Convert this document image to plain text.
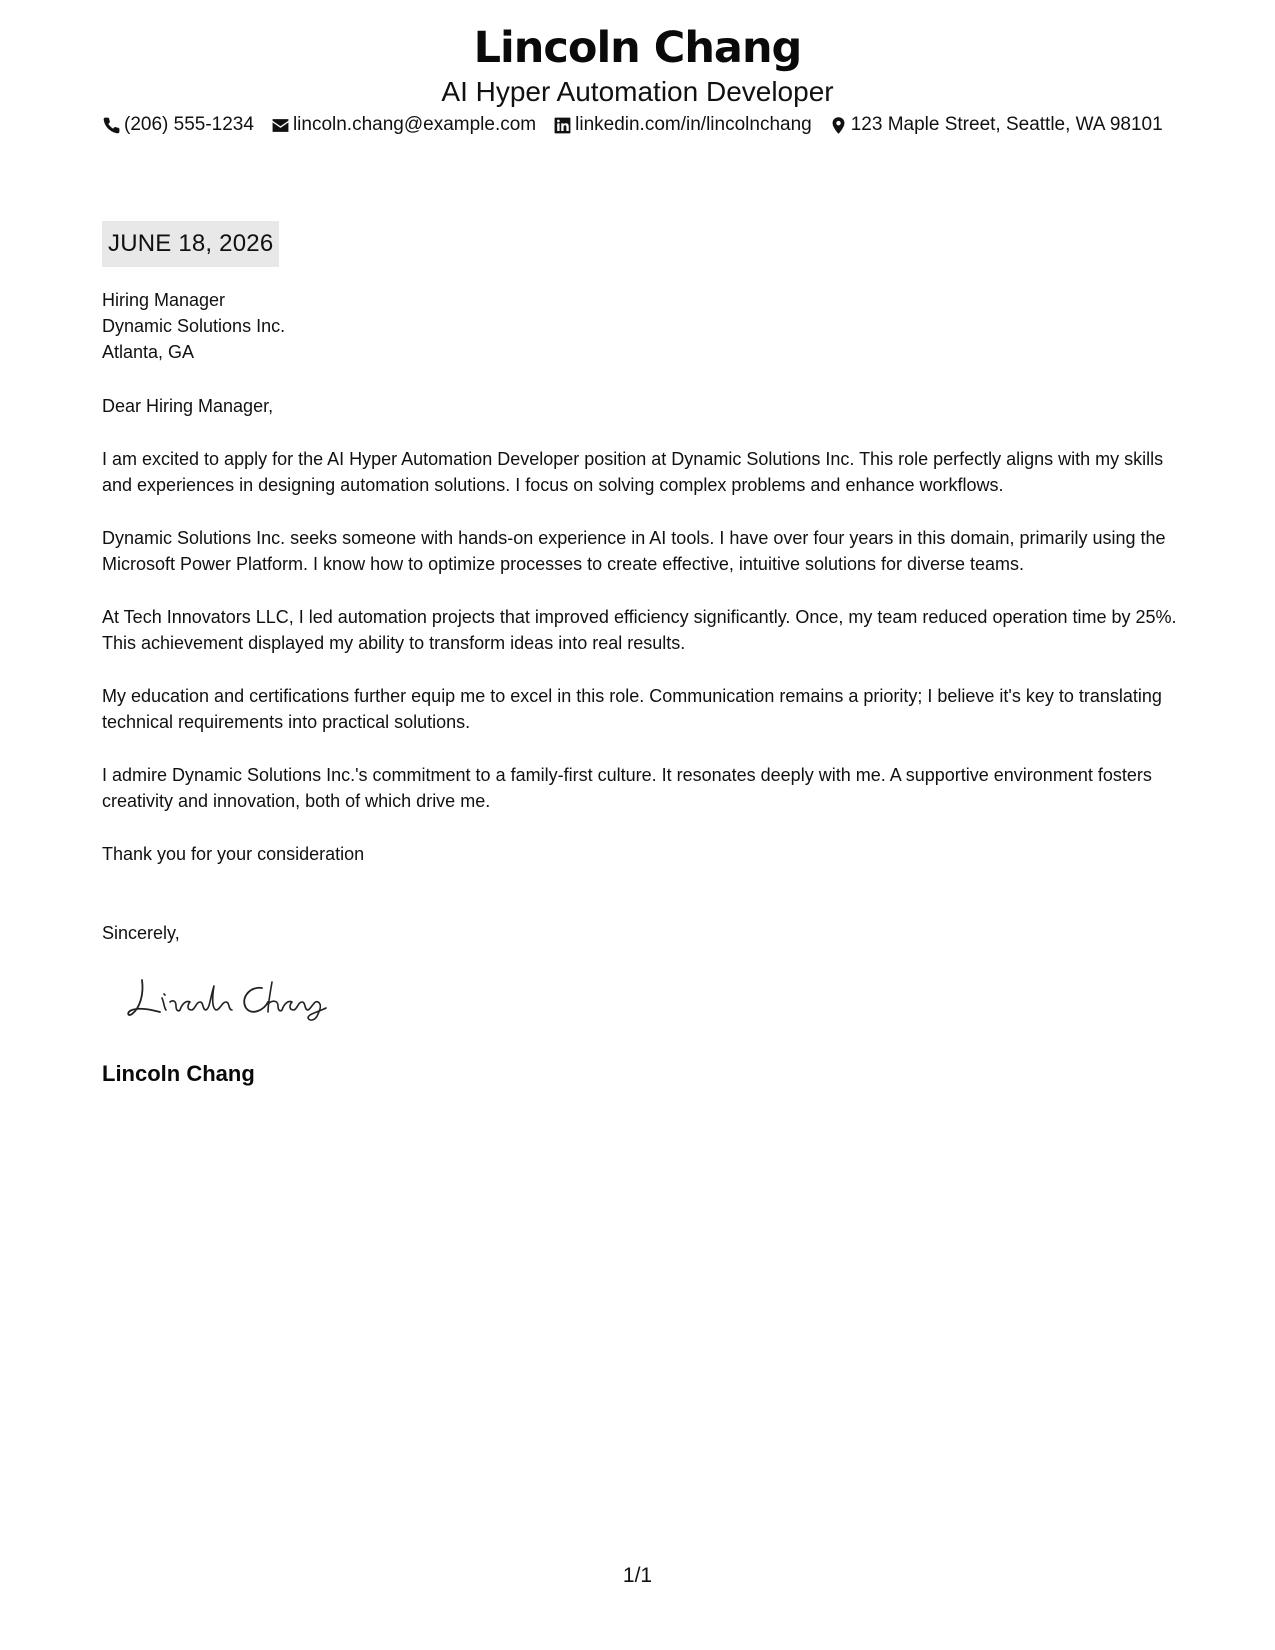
Lincoln Chang
AI Hyper Automation Developer
(206) 555-1234 lincoln.chang@example.com linkedin.com/in/lincolnchang 123 Maple Street, Seattle, WA 98101
JUNE 18, 2026
Hiring Manager
Dynamic Solutions Inc.
Atlanta, GA
Dear Hiring Manager,
I am excited to apply for the AI Hyper Automation Developer position at Dynamic Solutions Inc. This role perfectly aligns with my skills and experiences in designing automation solutions. I focus on solving complex problems and enhance workflows.
Dynamic Solutions Inc. seeks someone with hands-on experience in AI tools. I have over four years in this domain, primarily using the Microsoft Power Platform. I know how to optimize processes to create effective, intuitive solutions for diverse teams.
At Tech Innovators LLC, I led automation projects that improved efficiency significantly. Once, my team reduced operation time by 25%. This achievement displayed my ability to transform ideas into real results.
My education and certifications further equip me to excel in this role. Communication remains a priority; I believe it's key to translating technical requirements into practical solutions.
I admire Dynamic Solutions Inc.'s commitment to a family-first culture. It resonates deeply with me. A supportive environment fosters creativity and innovation, both of which drive me.
Thank you for your consideration
Sincerely,
Lincoln Chang
1/1
